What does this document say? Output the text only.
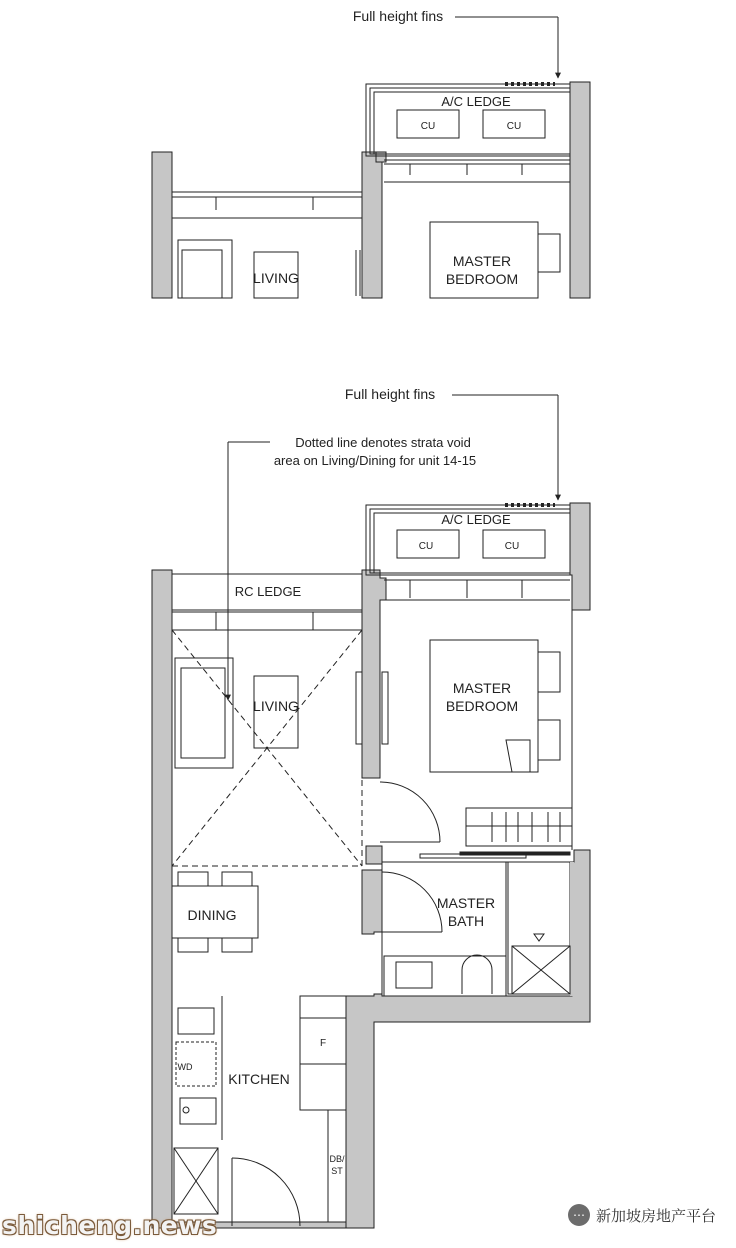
Full height fins
A/C LEDGE
CU	CU
LIVING
MASTER
BEDROOM
Full height fins
Dotted line denotes strata void
area on Living/Dining for unit 14-15
A/C LEDGE
CU	CU
RC LEDGE
LIVING
MASTER
BEDROOM
DINING
MASTER
BATH
KITCHEN
F
WD
DB/
ST
⋯ 新加坡房地产平台
shicheng.news
